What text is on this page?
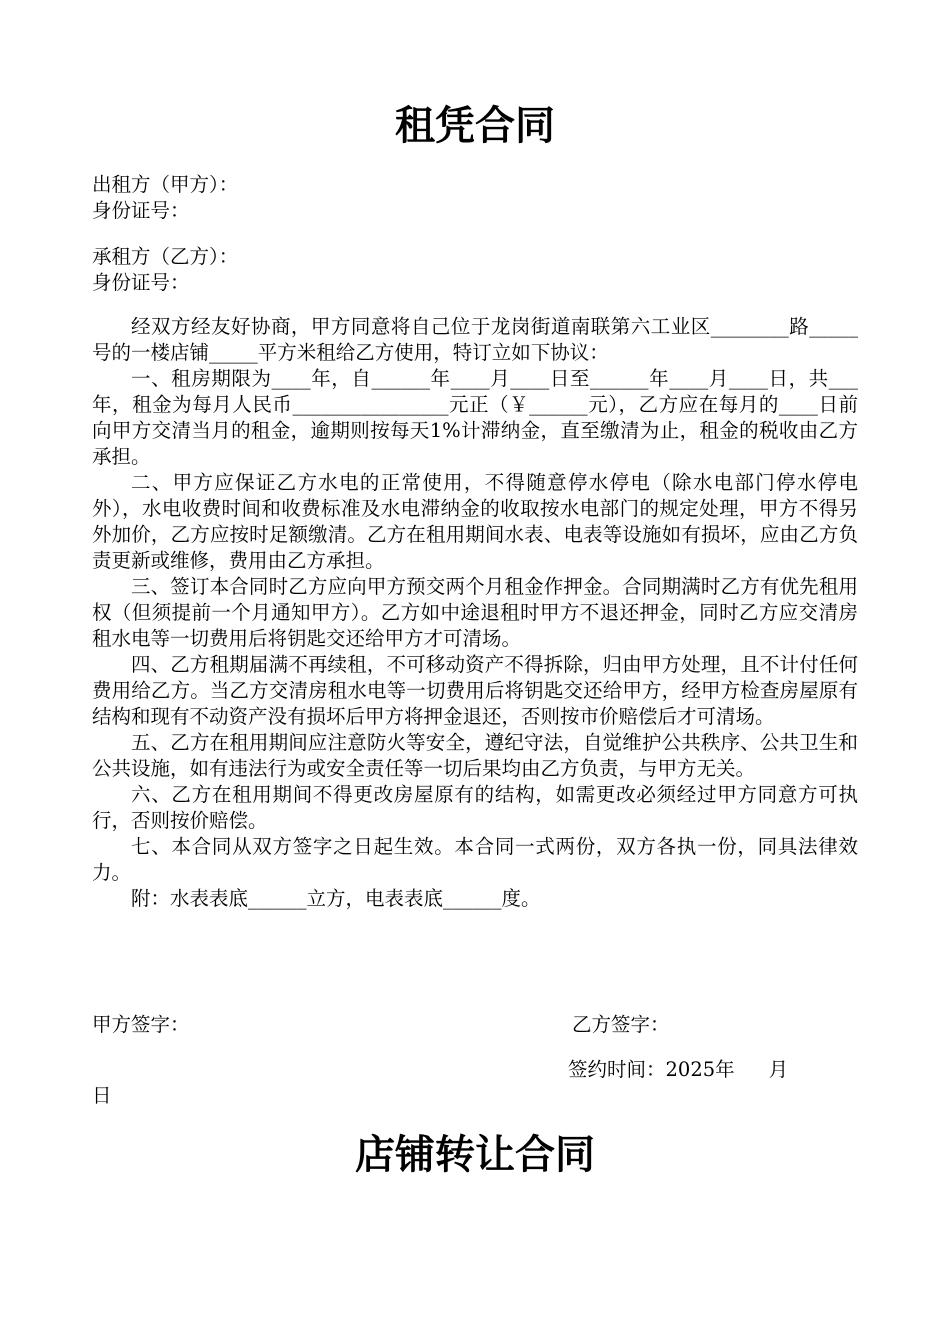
租凭合同

出租方（甲方）：

身份证号：

承租方（乙方）：

身份证号：

经双方经友好协商，甲方同意将自己位于龙岗街道南联第六工业区________路_____号的一楼店铺_____平方米租给乙方使用，特订立如下协议：

一、租房期限为____年，自______年____月____日至______年____月____日，共___年，租金为每月人民币________________元正（￥______元），乙方应在每月的____日前向甲方交清当月的租金，逾期则按每天1%计滞纳金，直至缴清为止，租金的税收由乙方承担。

二、甲方应保证乙方水电的正常使用，不得随意停水停电（除水电部门停水停电外），水电收费时间和收费标准及水电滞纳金的收取按水电部门的规定处理，甲方不得另外加价，乙方应按时足额缴清。乙方在租用期间水表、电表等设施如有损坏，应由乙方负责更新或维修，费用由乙方承担。

三、签订本合同时乙方应向甲方预交两个月租金作押金。合同期满时乙方有优先租用权（但须提前一个月通知甲方）。乙方如中途退租时甲方不退还押金，同时乙方应交清房租水电等一切费用后将钥匙交还给甲方才可清场。

四、乙方租期届满不再续租，不可移动资产不得拆除，归由甲方处理，且不计付任何费用给乙方。当乙方交清房租水电等一切费用后将钥匙交还给甲方，经甲方检查房屋原有结构和现有不动资产没有损坏后甲方将押金退还，否则按市价赔偿后才可清场。

五、乙方在租用期间应注意防火等安全，遵纪守法，自觉维护公共秩序、公共卫生和公共设施，如有违法行为或安全责任等一切后果均由乙方负责，与甲方无关。

六、乙方在租用期间不得更改房屋原有的结构，如需更改必须经过甲方同意方可执行，否则按价赔偿。

七、本合同从双方签字之日起生效。本合同一式两份，双方各执一份，同具法律效力。

附：水表表底______立方，电表表底______度。

甲方签字：	乙方签字：

签约时间：2025年 月

日

店铺转让合同
